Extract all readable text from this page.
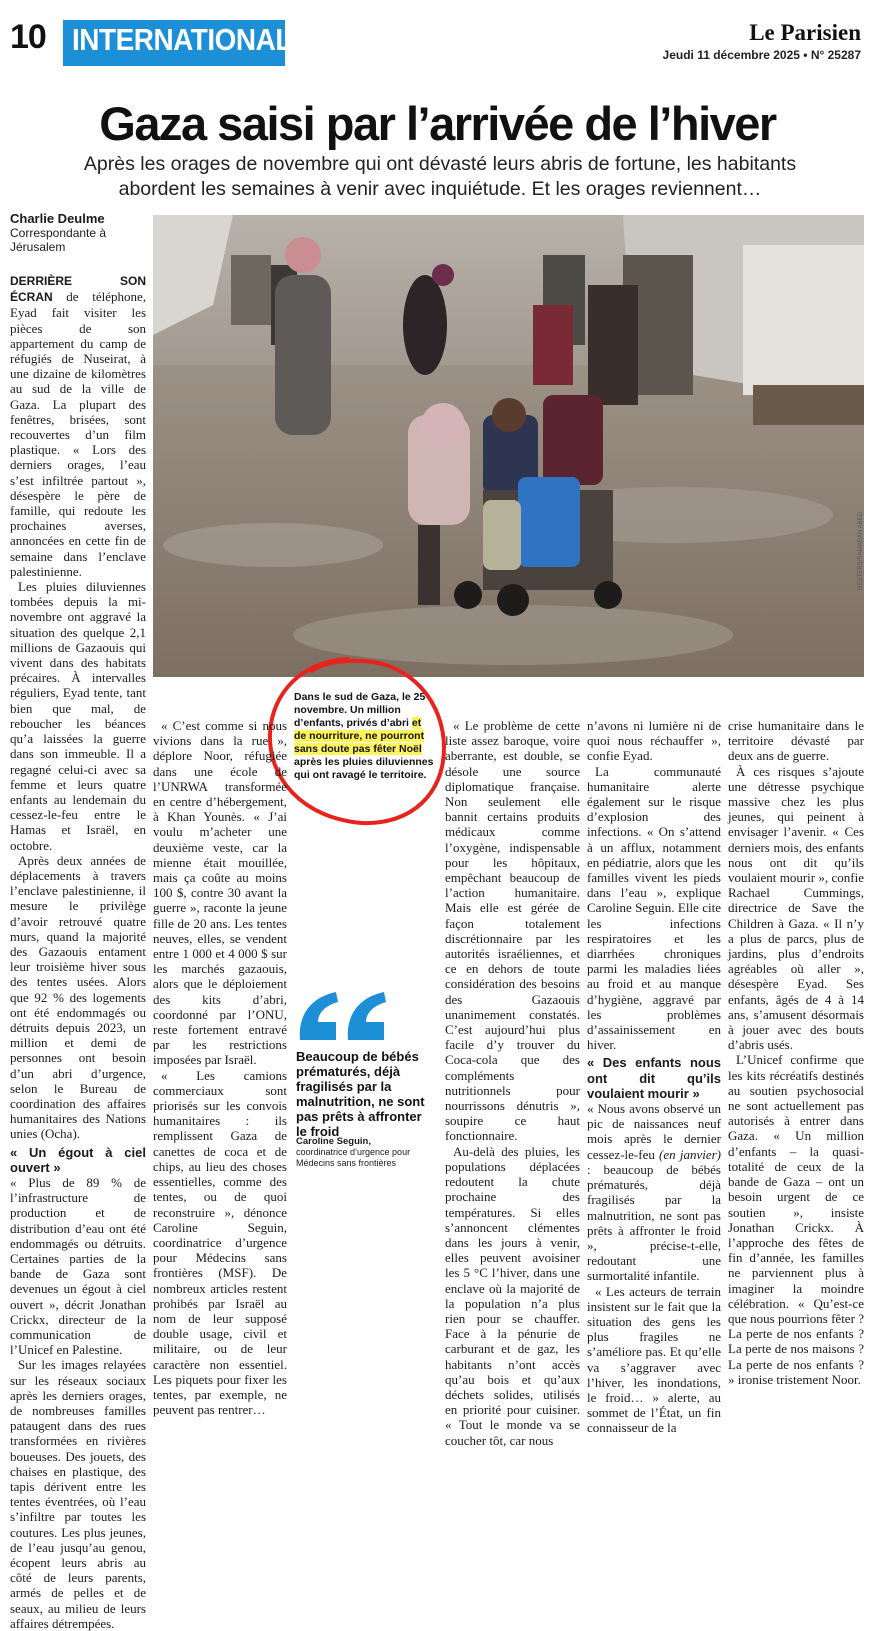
10 INTERNATIONAL	Le Parisien
Jeudi 11 décembre 2025 • N° 25287
Gaza saisi par l’arrivée de l’hiver
Après les orages de novembre qui ont dévasté leurs abris de fortune, les habitants abordent les semaines à venir avec inquiétude. Et les orages reviennent…
Charlie Deulme
Correspondante à Jérusalem
REUTERS/RAMADAN ABED
Dans le sud de Gaza, le 25 novembre. Un million d’enfants, privés d’abri et de nourriture, ne pourront sans doute pas fêter Noël après les pluies diluviennes qui ont ravagé le territoire.

DERRIÈRE SON ÉCRAN de téléphone, Eyad fait visiter les pièces de son appartement du camp de réfugiés de Nuseirat, à une dizaine de kilomètres au sud de la ville de Gaza. La plupart des fenêtres, brisées, sont recouvertes d’un film plastique. « Lors des derniers orages, l’eau s’est infiltrée partout », désespère le père de famille, qui redoute les prochaines averses, annoncées en cette fin de semaine dans l’enclave palestinienne.

Les pluies diluviennes tombées depuis la mi-novembre ont aggravé la situation des quelque 2,1 millions de Gazaouis qui vivent dans des habitats précaires. À intervalles réguliers, Eyad tente, tant bien que mal, de reboucher les béances qu’a laissées la guerre dans son immeuble. Il a regagné celui-ci avec sa femme et leurs quatre enfants au lendemain du cessez-le-feu entre le Hamas et Israël, en octobre.

Après deux années de déplacements à travers l’enclave palestinienne, il mesure le privilège d’avoir retrouvé quatre murs, quand la majorité des Gazaouis entament leur troisième hiver sous des tentes usées. Alors que 92 % des logements ont été endommagés ou détruits depuis 2023, un million et demi de personnes ont besoin d’un abri d’urgence, selon le Bureau de coordination des affaires humanitaires des Nations unies (Ocha).

« Un égout à ciel ouvert »

« Plus de 89 % de l’infrastructure de production et de distribution d’eau ont été endommagés ou détruits. Certaines parties de la bande de Gaza sont devenues un égout à ciel ouvert », décrit Jonathan Crickx, directeur de la communication de l’Unicef en Palestine.

Sur les images relayées sur les réseaux sociaux après les derniers orages, de nombreuses familles pataugent dans des rues transformées en rivières boueuses. Des jouets, des chaises en plastique, des tapis dérivent entre les tentes éventrées, où l’eau s’infiltre par toutes les coutures. Les plus jeunes, de l’eau jusqu’au genou, écopent leurs abris au côté de leurs parents, armés de pelles et de seaux, au milieu de leurs affaires détrempées.

« C’est comme si nous vivions dans la rue », déplore Noor, réfugiée dans une école de l’UNRWA transformée en centre d’hébergement, à Khan Younès. « J’ai voulu m’acheter une deuxième veste, car la mienne était mouillée, mais ça coûte au moins 100 $, contre 30 avant la guerre », raconte la jeune fille de 20 ans. Les tentes neuves, elles, se vendent entre 1 000 et 4 000 $ sur les marchés gazaouis, alors que le déploiement des kits d’abri, coordonné par l’ONU, reste fortement entravé par les restrictions imposées par Israël.

« Les camions commerciaux sont priorisés sur les convois humanitaires : ils remplissent Gaza de canettes de coca et de chips, au lieu des choses essentielles, comme des tentes, ou de quoi reconstruire », dénonce Caroline Seguin, coordinatrice d’urgence pour Médecins sans frontières (MSF). De nombreux articles restent prohibés par Israël au nom de leur supposé double usage, civil et militaire, ou de leur caractère non essentiel. Les piquets pour fixer les tentes, par exemple, ne peuvent pas rentrer…

Beaucoup de bébés prématurés, déjà fragilisés par la malnutrition, ne sont pas prêts à affronter le froid
Caroline Seguin,
coordinatrice d’urgence pour Médecins sans frontières

« Le problème de cette liste assez baroque, voire aberrante, est double, se désole une source diplomatique française. Non seulement elle bannit certains produits médicaux comme l’oxygène, indispensable pour les hôpitaux, empêchant beaucoup de l’action humanitaire. Mais elle est gérée de façon totalement discrétionnaire par les autorités israéliennes, et ce en dehors de toute considération des besoins des Gazaouis unanimement constatés. C’est aujourd’hui plus facile d’y trouver du Coca-cola que des compléments nutritionnels pour nourrissons dénutris », soupire ce haut fonctionnaire.

Au-delà des pluies, les populations déplacées redoutent la chute prochaine des températures. Si elles s’annoncent clémentes dans les jours à venir, elles peuvent avoisiner les 5 °C l’hiver, dans une enclave où la majorité de la population n’a plus rien pour se chauffer. Face à la pénurie de carburant et de gaz, les habitants n’ont accès qu’au bois et qu’aux déchets solides, utilisés en priorité pour cuisiner. « Tout le monde va se coucher tôt, car nous

n’avons ni lumière ni de quoi nous réchauffer », confie Eyad.

La communauté humanitaire alerte également sur le risque d’explosion des infections. « On s’attend à un afflux, notamment en pédiatrie, alors que les familles vivent les pieds dans l’eau », explique Caroline Seguin. Elle cite les infections respiratoires et les diarrhées chroniques parmi les maladies liées au froid et au manque d’hygiène, aggravé par les problèmes d’assainissement en hiver.

« Des enfants nous ont dit qu’ils voulaient mourir »

« Nous avons observé un pic de naissances neuf mois après le dernier cessez-le-feu (en janvier) : beaucoup de bébés prématurés, déjà fragilisés par la malnutrition, ne sont pas prêts à affronter le froid », précise-t-elle, redoutant une surmortalité infantile.

« Les acteurs de terrain insistent sur le fait que la situation des gens les plus fragiles ne s’améliore pas. Et qu’elle va s’aggraver avec l’hiver, les inondations, le froid… » alerte, au sommet de l’État, un fin connaisseur de la

crise humanitaire dans le territoire dévasté par deux ans de guerre.

À ces risques s’ajoute une détresse psychique massive chez les plus jeunes, qui peinent à envisager l’avenir. « Ces derniers mois, des enfants nous ont dit qu’ils voulaient mourir », confie Rachael Cummings, directrice de Save the Children à Gaza. « Il n’y a plus de parcs, plus de jardins, plus d’endroits agréables où aller », désespère Eyad. Ses enfants, âgés de 4 à 14 ans, s’amusent désormais à jouer avec des bouts d’abris usés.

L’Unicef confirme que les kits récréatifs destinés au soutien psychosocial ne sont actuellement pas autorisés à entrer dans Gaza. « Un million d’enfants – la quasi-totalité de ceux de la bande de Gaza – ont un besoin urgent de ce soutien », insiste Jonathan Crickx. À l’approche des fêtes de fin d’année, les familles ne parviennent plus à imaginer la moindre célébration. « Qu’est-ce que nous pourrions fêter ? La perte de nos enfants ? La perte de nos maisons ? La perte de nos enfants ? » ironise tristement Noor.
